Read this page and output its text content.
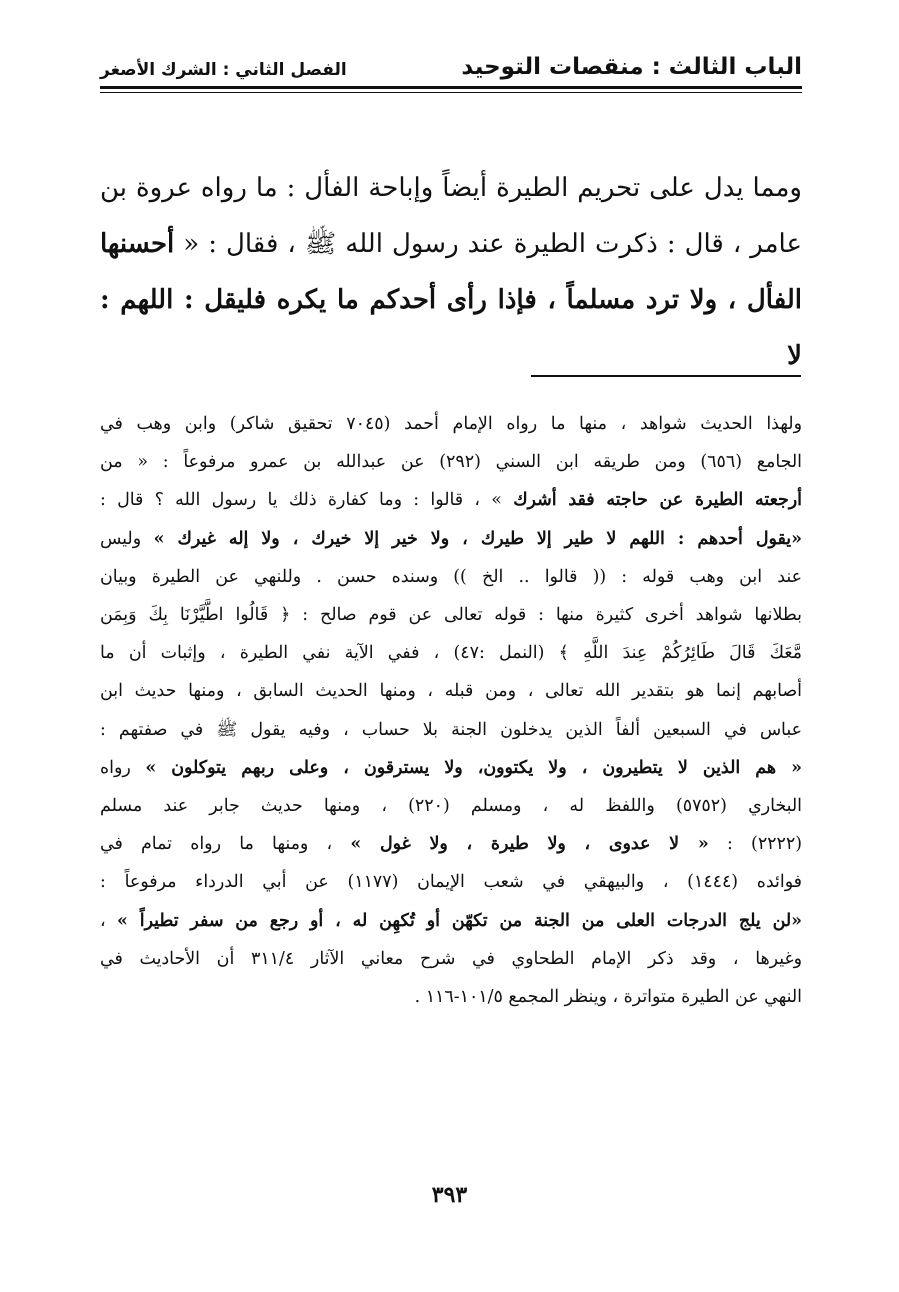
الباب الثالث : منقصات التوحيد
الفصل الثاني : الشرك الأصغر

ومما يدل على تحريم الطيرة أيضاً وإباحة الفأل : ما رواه عروة بن
عامر ، قال : ذكرت الطيرة عند رسول الله ﷺ ، فقال : « أحسنها
الفأل ، ولا ترد مسلماً ، فإذا رأى أحدكم ما يكره فليقل : اللهم : لا

ولهذا الحديث شواهد ، منها ما رواه الإمام أحمد (٧٠٤٥ تحقيق شاكر) وابن وهب في
الجامع (٦٥٦) ومن طريقه ابن السني (٢٩٢) عن عبدالله بن عمرو مرفوعاً : « من
أرجعته الطيرة عن حاجته فقد أشرك » ، قالوا : وما كفارة ذلك يا رسول الله ؟ قال :
«يقول أحدهم : اللهم لا طير إلا طيرك ، ولا خير إلا خيرك ، ولا إله غيرك » وليس
عند ابن وهب قوله : (( قالوا .. الخ )) وسنده حسن . وللنهي عن الطيرة وبيان
بطلانها شواهد أخرى كثيرة منها : قوله تعالى عن قوم صالح : ﴿ قَالُوا اطَّيَّرْنَا بِكَ وَبِمَن
مَّعَكَ قَالَ طَائِرُكُمْ عِندَ اللَّهِ ﴾ (النمل :٤٧) ، ففي الآية نفي الطيرة ، وإثبات أن ما
أصابهم إنما هو بتقدير الله تعالى ، ومن قبله ، ومنها الحديث السابق ، ومنها حديث ابن
عباس في السبعين ألفاً الذين يدخلون الجنة بلا حساب ، وفيه يقول ﷺ في صفتهم :
« هم الذين لا يتطيرون ، ولا يكتوون، ولا يسترقون ، وعلى ربهم يتوكلون » رواه
البخاري (٥٧٥٢) واللفظ له ، ومسلم (٢٢٠) ، ومنها حديث جابر عند مسلم
(٢٢٢٢) : « لا عدوى ، ولا طيرة ، ولا غول » ، ومنها ما رواه تمام في
فوائده (١٤٤٤) ، والبيهقي في شعب الإيمان (١١٧٧) عن أبي الدرداء مرفوعاً :
«لن يلج الدرجات العلى من الجنة من تكهّن أو تُكهِن له ، أو رجع من سفر تطيراً » ،
وغيرها ، وقد ذكر الإمام الطحاوي في شرح معاني الآثار ٣١١/٤ أن الأحاديث في
النهي عن الطيرة متواترة ، وينظر المجمع ١٠١/٥-١١٦ .

٣٩٣
